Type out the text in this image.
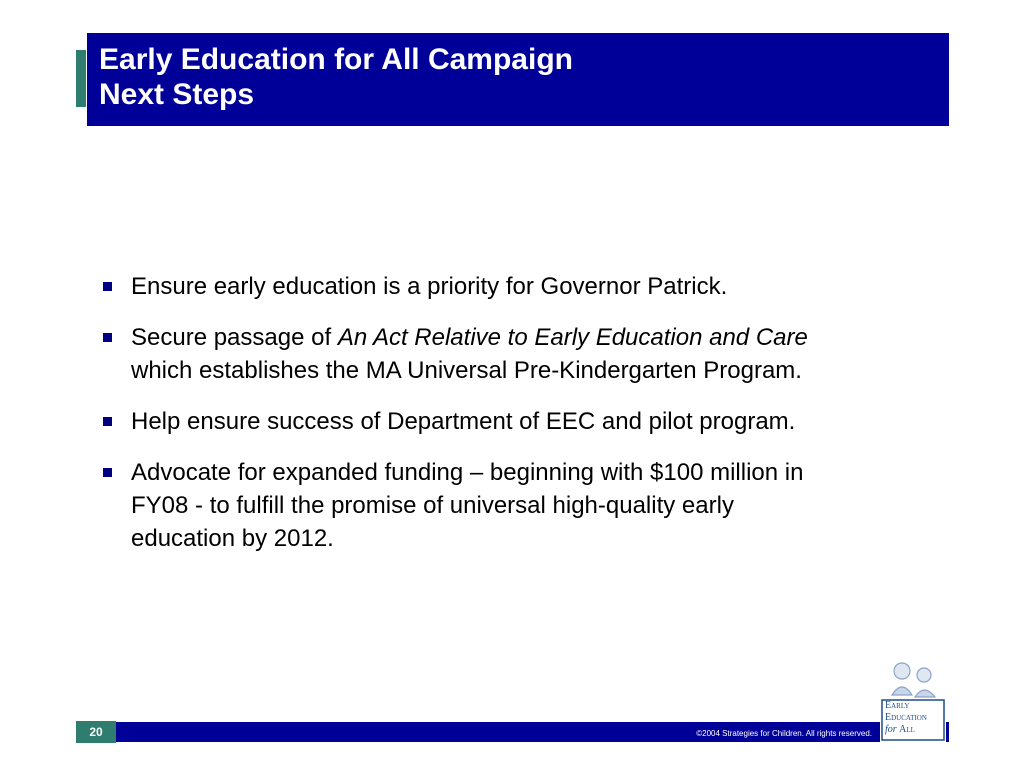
Early Education for All Campaign
Next Steps
Ensure early education is a priority for Governor Patrick.
Secure passage of An Act Relative to Early Education and Care
which establishes the MA Universal Pre-Kindergarten Program.
Help ensure success of Department of EEC and pilot program.
Advocate for expanded funding – beginning with $100 million in
FY08 - to fulfill the promise of universal high-quality early
education by 2012.
20	©2004 Strategies for Children. All rights reserved.
Early
Education
for All
